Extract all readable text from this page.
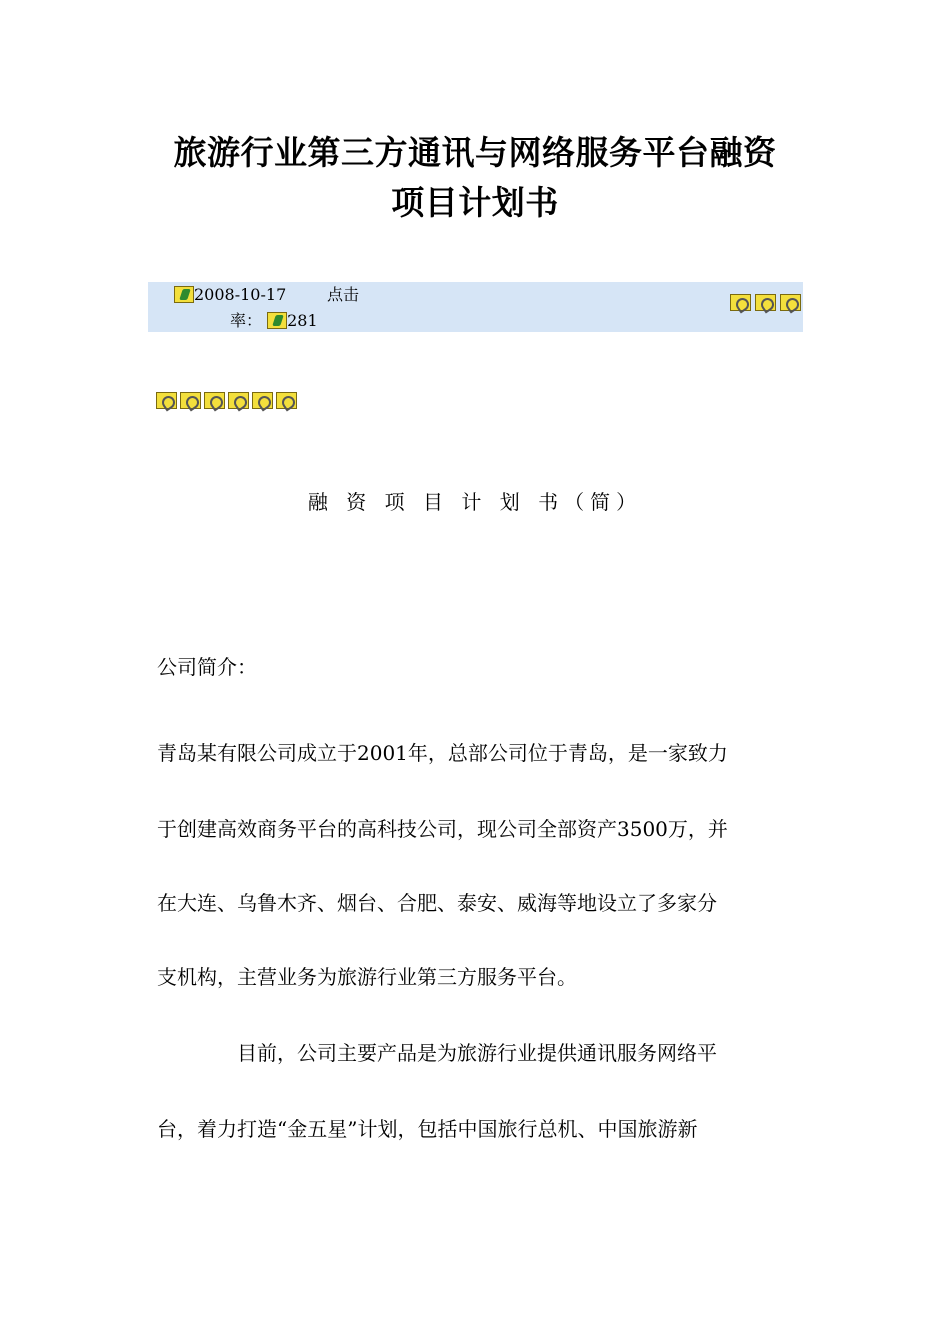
旅游行业第三方通讯与网络服务平台融资
项目计划书
2008-10-17	点击
率： 281
融 资 项 目 计 划 书（简）
公司简介：
青岛某有限公司成立于2001年，总部公司位于青岛，是一家致力
于创建高效商务平台的高科技公司，现公司全部资产3500万，并
在大连、乌鲁木齐、烟台、合肥、泰安、威海等地设立了多家分
支机构，主营业务为旅游行业第三方服务平台。
目前，公司主要产品是为旅游行业提供通讯服务网络平
台，着力打造“金五星”计划，包括中国旅行总机、中国旅游新
